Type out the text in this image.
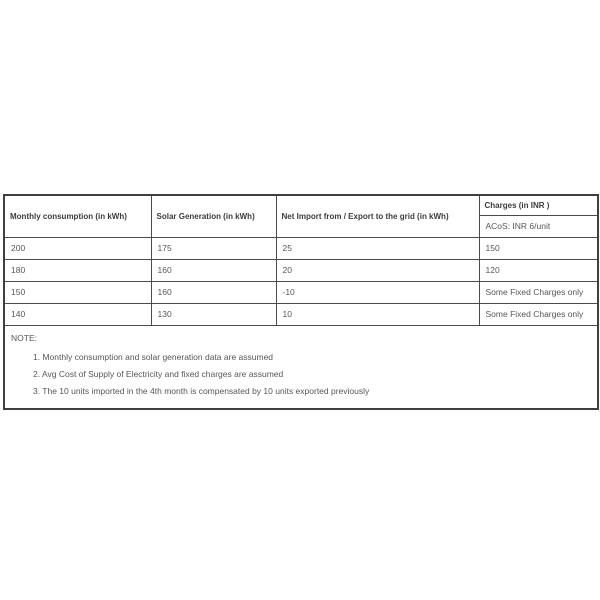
Monthly consumption (in kWh)	Solar Generation (in kWh)	Net Import from / Export to the grid (in kWh)	Charges (in INR )
			ACoS: INR 6/unit
200	175	25	150
180	160	20	120
150	160	-10	Some Fixed Charges only
140	130	10	Some Fixed Charges only

NOTE:
1. Monthly consumption and solar generation data are assumed
2. Avg Cost of Supply of Electricity and fixed charges are assumed
3. The 10 units imported in the 4th month is compensated by 10 units exported previously
